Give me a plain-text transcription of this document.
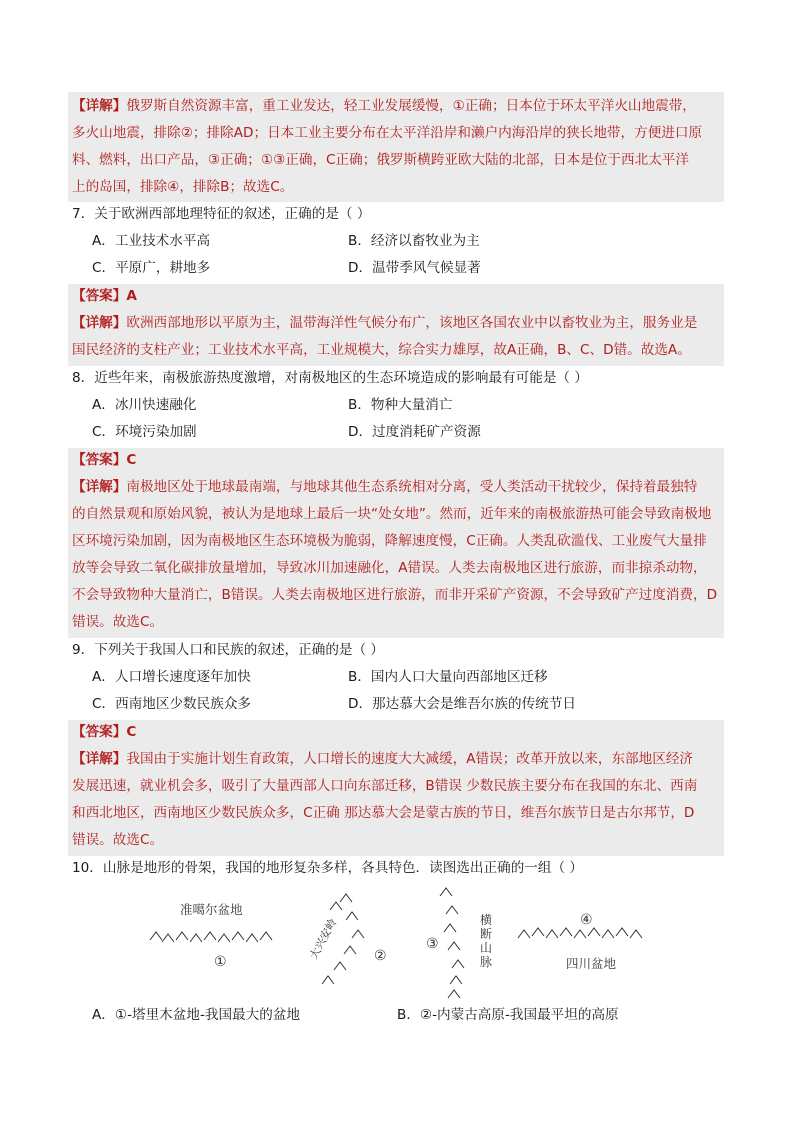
【详解】俄罗斯自然资源丰富，重工业发达，轻工业发展缓慢，①正确；日本位于环太平洋火山地震带，
多火山地震，排除②；排除AD；日本工业主要分布在太平洋沿岸和濑户内海沿岸的狭长地带，方便进口原
料、燃料，出口产品，③正确；①③正确，C正确；俄罗斯横跨亚欧大陆的北部，日本是位于西北太平洋
上的岛国，排除④，排除B；故选C。
7．关于欧洲西部地理特征的叙述，正确的是（ ）
A．工业技术水平高	B．经济以畜牧业为主
C．平原广，耕地多	D．温带季风气候显著
【答案】A
【详解】欧洲西部地形以平原为主，温带海洋性气候分布广，该地区各国农业中以畜牧业为主，服务业是
国民经济的支柱产业；工业技术水平高，工业规模大，综合实力雄厚，故A正确，B、C、D错。故选A。
8．近些年来，南极旅游热度激增，对南极地区的生态环境造成的影响最有可能是（ ）
A．冰川快速融化	B．物种大量消亡
C．环境污染加剧	D．过度消耗矿产资源
【答案】C
【详解】南极地区处于地球最南端，与地球其他生态系统相对分离，受人类活动干扰较少，保持着最独特
的自然景观和原始风貌，被认为是地球上最后一块“处女地”。然而，近年来的南极旅游热可能会导致南极地
区环境污染加剧，因为南极地区生态环境极为脆弱，降解速度慢，C正确。人类乱砍滥伐、工业废气大量排
放等会导致二氧化碳排放量增加，导致冰川加速融化，A错误。人类去南极地区进行旅游，而非掠杀动物，
不会导致物种大量消亡，B错误。人类去南极地区进行旅游，而非开采矿产资源，不会导致矿产过度消费，D
错误。故选C。
9．下列关于我国人口和民族的叙述，正确的是（ ）
A．人口增长速度逐年加快	B．国内人口大量向西部地区迁移
C．西南地区少数民族众多	D．那达慕大会是维吾尔族的传统节日
【答案】C
【详解】我国由于实施计划生育政策，人口增长的速度大大减缓，A错误；改革开放以来，东部地区经济
发展迅速，就业机会多，吸引了大量西部人口向东部迁移，B错误 少数民族主要分布在我国的东北、西南
和西北地区，西南地区少数民族众多，C正确 那达慕大会是蒙古族的节日，维吾尔族节日是古尔邦节，D
错误。故选C。
10．山脉是地形的骨架，我国的地形复杂多样，各具特色．读图选出正确的一组（ ）
准噶尔盆地
①
大兴安岭 ②
③
横断山脉
④
四川盆地
A．①-塔里木盆地-我国最大的盆地	B．②-内蒙古高原-我国最平坦的高原
